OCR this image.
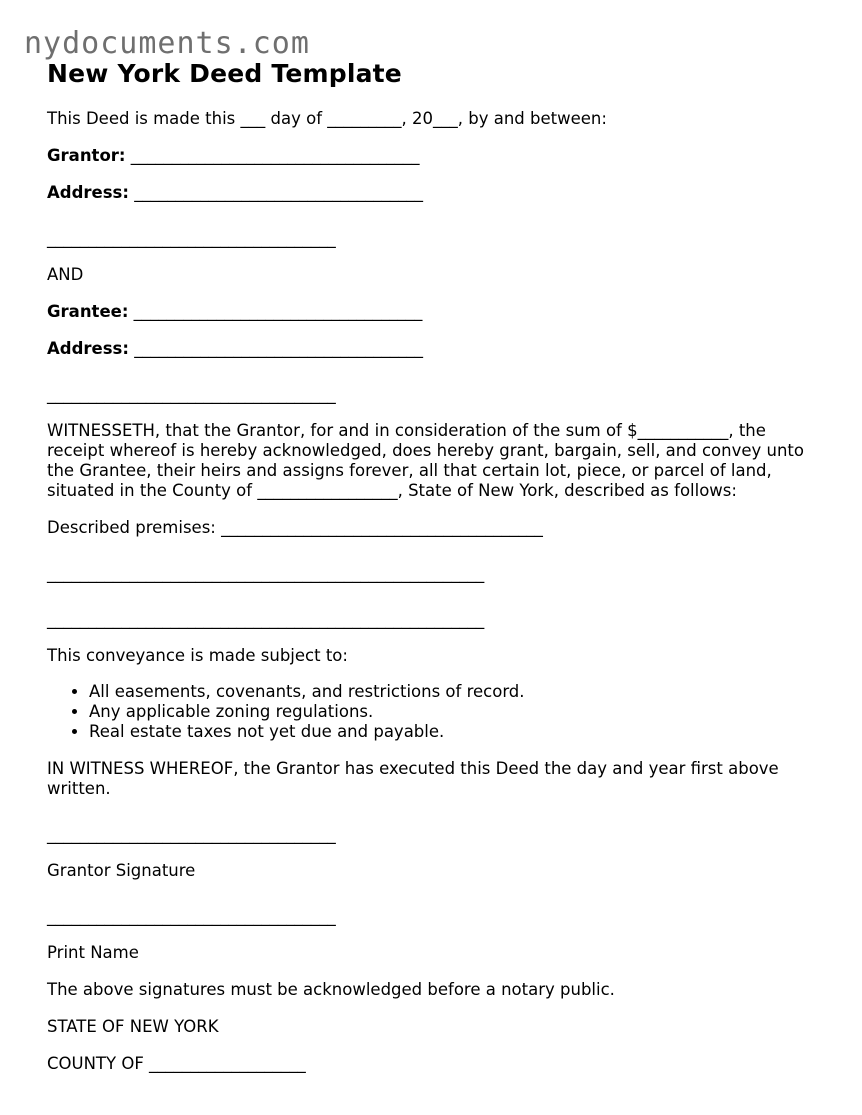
nydocuments.com
New York Deed Template

This Deed is made this ___ day of _________, 20___, by and between:

Grantor: ___________________________________

Address: ___________________________________

___________________________________

AND

Grantee: ___________________________________

Address: ___________________________________

___________________________________

WITNESSETH, that the Grantor, for and in consideration of the sum of $___________, the receipt whereof is hereby acknowledged, does hereby grant, bargain, sell, and convey unto the Grantee, their heirs and assigns forever, all that certain lot, piece, or parcel of land, situated in the County of _________________, State of New York, described as follows:

Described premises: _______________________________________

_____________________________________________________

_____________________________________________________

This conveyance is made subject to:

• All easements, covenants, and restrictions of record.
• Any applicable zoning regulations.
• Real estate taxes not yet due and payable.

IN WITNESS WHEREOF, the Grantor has executed this Deed the day and year first above written.

___________________________________

Grantor Signature

___________________________________

Print Name

The above signatures must be acknowledged before a notary public.

STATE OF NEW YORK

COUNTY OF ___________________
